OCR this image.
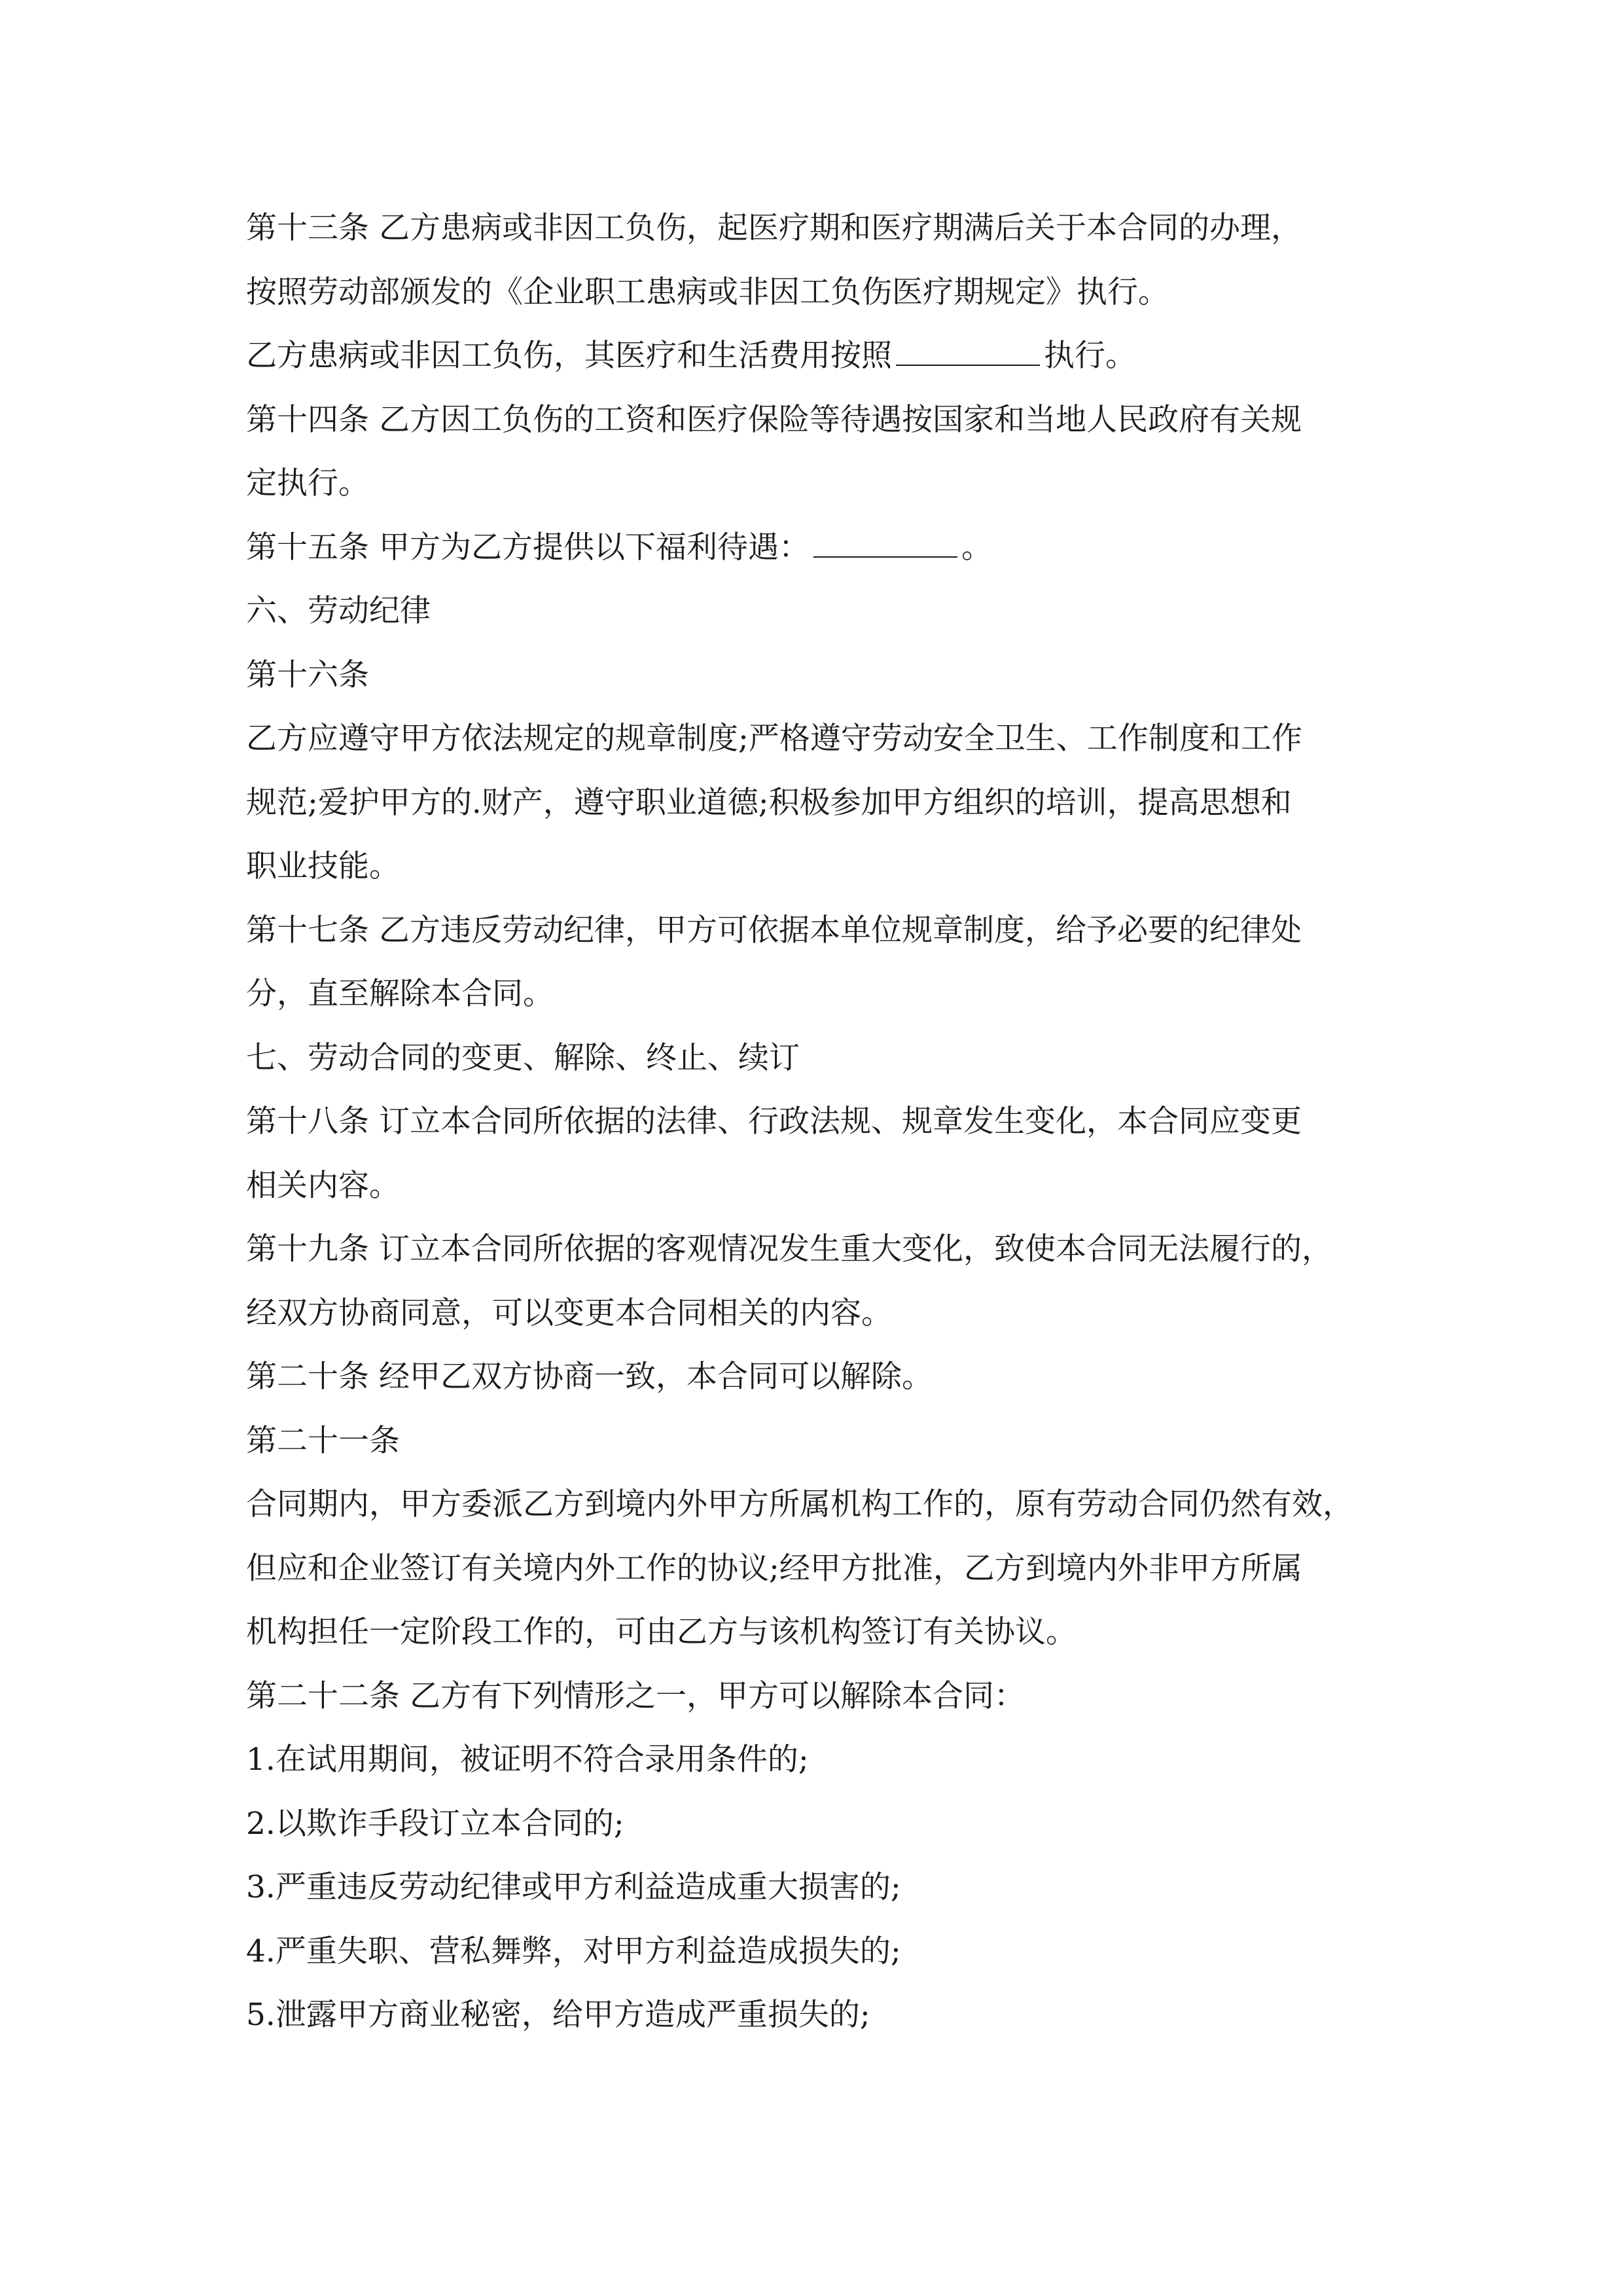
第十三条 乙方患病或非因工负伤，起医疗期和医疗期满后关于本合同的办理，

按照劳动部颁发的《企业职工患病或非因工负伤医疗期规定》执行。

乙方患病或非因工负伤，其医疗和生活费用按照	执行。

第十四条 乙方因工负伤的工资和医疗保险等待遇按国家和当地人民政府有关规

定执行。

第十五条 甲方为乙方提供以下福利待遇：	。

六、劳动纪律

第十六条

乙方应遵守甲方依法规定的规章制度;严格遵守劳动安全卫生、工作制度和工作

规范;爱护甲方的.财产，遵守职业道德;积极参加甲方组织的培训，提高思想和

职业技能。

第十七条 乙方违反劳动纪律，甲方可依据本单位规章制度，给予必要的纪律处

分，直至解除本合同。

七、劳动合同的变更、解除、终止、续订

第十八条 订立本合同所依据的法律、行政法规、规章发生变化，本合同应变更

相关内容。

第十九条 订立本合同所依据的客观情况发生重大变化，致使本合同无法履行的，

经双方协商同意，可以变更本合同相关的内容。

第二十条 经甲乙双方协商一致，本合同可以解除。

第二十一条

合同期内，甲方委派乙方到境内外甲方所属机构工作的，原有劳动合同仍然有效，

但应和企业签订有关境内外工作的协议;经甲方批准，乙方到境内外非甲方所属

机构担任一定阶段工作的，可由乙方与该机构签订有关协议。

第二十二条 乙方有下列情形之一，甲方可以解除本合同：

1.在试用期间，被证明不符合录用条件的;

2.以欺诈手段订立本合同的;

3.严重违反劳动纪律或甲方利益造成重大损害的;

4.严重失职、营私舞弊，对甲方利益造成损失的;

5.泄露甲方商业秘密，给甲方造成严重损失的;
